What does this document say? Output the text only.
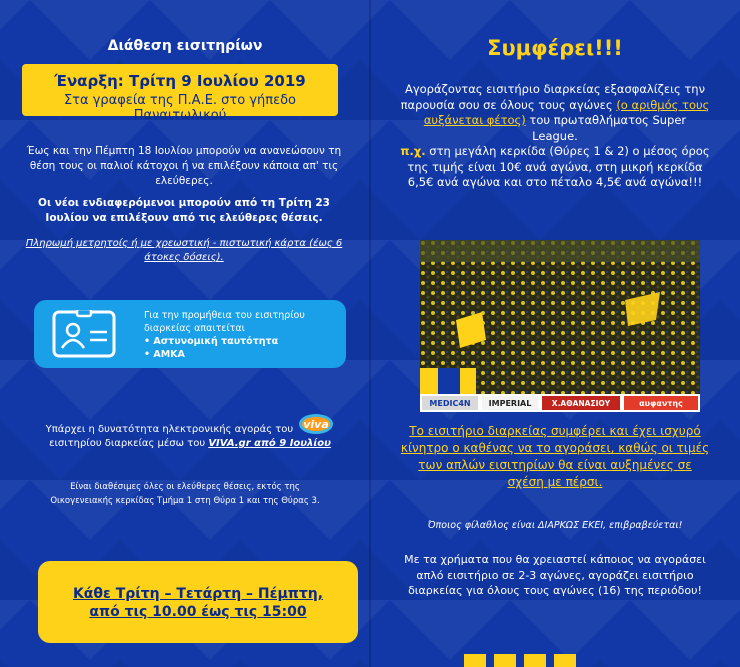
Διάθεση εισιτηρίων
Έναρξη: Τρίτη 9 Ιουλίου 2019
Στα γραφεία της Π.Α.Ε. στο γήπεδο Παναιτωλικού
Έως και την Πέμπτη 18 Ιουλίου μπορούν να ανανεώσουν τη θέση τους οι παλιοί κάτοχοι ή να επιλέξουν κάποια απ' τις ελεύθερες.
Οι νέοι ενδιαφερόμενοι μπορούν από τη Τρίτη 23 Ιουλίου να επιλέξουν από τις ελεύθερες θέσεις.
Πληρωμή μετρητοίς ή με χρεωστική - πιστωτική κάρτα (έως 6 άτοκες δόσεις).
Για την προμήθεια του εισιτηρίου διαρκείας απαιτείται
• Αστυνομική ταυτότητα
• ΑΜΚΑ
Υπάρχει η δυνατότητα ηλεκτρονικής αγοράς του viva

εισιτηρίου διαρκείας μέσω του VIVA.gr από 9 Ιουλίου
Είναι διαθέσιμες όλες οι ελεύθερες θέσεις, εκτός της Οικογενειακής κερκίδας Τμήμα 1 στη Θύρα 1 και της Θύρας 3.
Κάθε Τρίτη – Τετάρτη – Πέμπτη,
από τις 10.00 έως τις 15:00
Συμφέρει!!!
Αγοράζοντας εισιτήριο διαρκείας εξασφαλίζεις την παρουσία σου σε όλους τους αγώνες (ο αριθμός τους αυξάνεται φέτος) του πρωταθλήματος Super League.
π.χ. στη μεγάλη κερκίδα (Θύρες 1 & 2) ο μέσος όρος της τιμής είναι 10€ ανά αγώνα, στη μικρή κερκίδα 6,5€ ανά αγώνα και στο πέταλο 4,5€ ανά αγώνα!!!
Το εισιτήριο διαρκείας συμφέρει και έχει ισχυρό κίνητρο ο καθένας να το αγοράσει, καθώς οι τιμές των απλών εισιτηρίων θα είναι αυξημένες σε σχέση με πέρσι.
Όποιος φίλαθλος είναι ΔΙΑΡΚΩΣ ΕΚΕΙ, επιβραβεύεται!
Με τα χρήματα που θα χρειαστεί κάποιος να αγοράσει απλό εισιτήριο σε 2-3 αγώνες, αγοράζει εισιτήριο διαρκείας για όλους τους αγώνες (16) της περιόδου!
MEDIC4N IMPERIAL	Χ.ΑΘΑΝΑΣΙΟΥ	αυφαντης
